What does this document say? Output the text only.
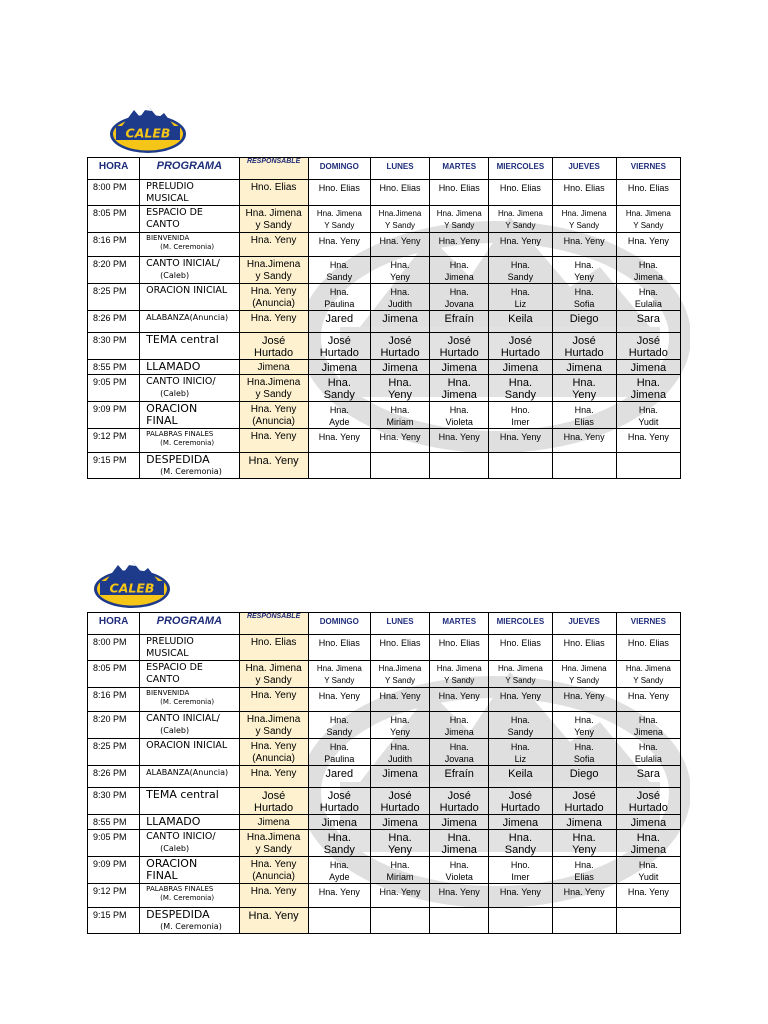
CALEB
HORA	PROGRAMA	RESPONSABLE	DOMINGO	LUNES	MARTES	MIERCOLES	JUEVES	VIERNES

8:00 PM	PRELUDIO
MUSICAL	Hno. Elias	Hno. Elias	Hno. Elias	Hno. Elias	Hno. Elias	Hno. Elias	Hno. Elias

8:05 PM	ESPACIO DE
CANTO	Hna. Jimena
y Sandy	Hna. Jimena
Y Sandy	Hna.Jimena
Y Sandy	Hna. Jimena
Y Sandy	Hna. Jimena
Y Sandy	Hna. Jimena
Y Sandy	Hna. Jimena
Y Sandy

8:16 PM	BIENVENIDA
(M. Ceremonia)	Hna. Yeny	Hna. Yeny	Hna. Yeny	Hna. Yeny	Hna. Yeny	Hna. Yeny	Hna. Yeny

8:20 PM	CANTO INICIAL/
(Caleb)	Hna.Jimena
y Sandy	Hna.
Sandy	Hna.
Yeny	Hna.
Jimena	Hna.
Sandy	Hna.
Yeny	Hna.
Jimena

8:25 PM	ORACION INICIAL	Hna. Yeny
(Anuncia)	Hna.
Paulina	Hna.
Judith	Hna.
Jovana	Hna.
Liz	Hna.
Sofia	Hna.
Eulalia

8:26 PM	ALABANZA(Anuncia)	Hna. Yeny	Jared	Jimena	Efraín	Keila	Diego	Sara

8:30 PM	TEMA central	José
Hurtado	José
Hurtado	José
Hurtado	José
Hurtado	José
Hurtado	José
Hurtado	José
Hurtado

8:55 PM	LLAMADO	Jimena	Jimena	Jimena	Jimena	Jimena	Jimena	Jimena

9:05 PM	CANTO INICIO/
(Caleb)	Hna.Jimena
y Sandy	Hna.
Sandy	Hna.
Yeny	Hna.
Jimena	Hna.
Sandy	Hna.
Yeny	Hna.
Jimena

9:09 PM	ORACION
FINAL	Hna. Yeny
(Anuncia)	Hna.
Ayde	Hna.
Miriam	Hna.
Violeta	Hno.
Imer	Hna.
Elias	Hna.
Yudit

9:12 PM	PALABRAS FINALES
(M. Ceremonia)	Hna. Yeny	Hna. Yeny	Hna. Yeny	Hna. Yeny	Hna. Yeny	Hna. Yeny	Hna. Yeny

9:15 PM	DESPEDIDA
(M. Ceremonia)	Hna. Yeny						

CALEB
HORA	PROGRAMA	RESPONSABLE	DOMINGO	LUNES	MARTES	MIERCOLES	JUEVES	VIERNES

8:00 PM	PRELUDIO
MUSICAL	Hno. Elias	Hno. Elias	Hno. Elias	Hno. Elias	Hno. Elias	Hno. Elias	Hno. Elias

8:05 PM	ESPACIO DE
CANTO	Hna. Jimena
y Sandy	Hna. Jimena
Y Sandy	Hna.Jimena
Y Sandy	Hna. Jimena
Y Sandy	Hna. Jimena
Y Sandy	Hna. Jimena
Y Sandy	Hna. Jimena
Y Sandy

8:16 PM	BIENVENIDA
(M. Ceremonia)	Hna. Yeny	Hna. Yeny	Hna. Yeny	Hna. Yeny	Hna. Yeny	Hna. Yeny	Hna. Yeny

8:20 PM	CANTO INICIAL/
(Caleb)	Hna.Jimena
y Sandy	Hna.
Sandy	Hna.
Yeny	Hna.
Jimena	Hna.
Sandy	Hna.
Yeny	Hna.
Jimena

8:25 PM	ORACION INICIAL	Hna. Yeny
(Anuncia)	Hna.
Paulina	Hna.
Judith	Hna.
Jovana	Hna.
Liz	Hna.
Sofia	Hna.
Eulalia

8:26 PM	ALABANZA(Anuncia)	Hna. Yeny	Jared	Jimena	Efraín	Keila	Diego	Sara

8:30 PM	TEMA central	José
Hurtado	José
Hurtado	José
Hurtado	José
Hurtado	José
Hurtado	José
Hurtado	José
Hurtado

8:55 PM	LLAMADO	Jimena	Jimena	Jimena	Jimena	Jimena	Jimena	Jimena

9:05 PM	CANTO INICIO/
(Caleb)	Hna.Jimena
y Sandy	Hna.
Sandy	Hna.
Yeny	Hna.
Jimena	Hna.
Sandy	Hna.
Yeny	Hna.
Jimena

9:09 PM	ORACION
FINAL	Hna. Yeny
(Anuncia)	Hna.
Ayde	Hna.
Miriam	Hna.
Violeta	Hno.
Imer	Hna.
Elias	Hna.
Yudit

9:12 PM	PALABRAS FINALES
(M. Ceremonia)	Hna. Yeny	Hna. Yeny	Hna. Yeny	Hna. Yeny	Hna. Yeny	Hna. Yeny	Hna. Yeny

9:15 PM	DESPEDIDA
(M. Ceremonia)	Hna. Yeny						
